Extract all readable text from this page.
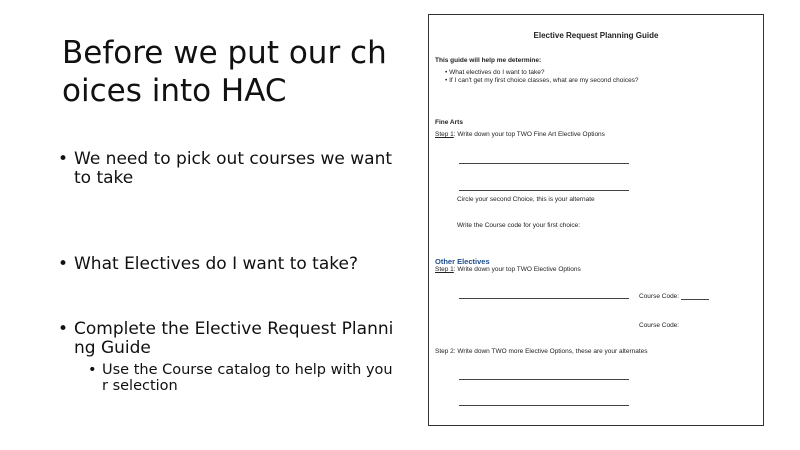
Before we put our choices into HAC
• We need to pick out courses we want to take
• What Electives do I want to take?
• Complete the Elective Request Planning Guide
• Use the Course catalog to help with your selection
Elective Request Planning Guide
This guide will help me determine:
• What electives do I want to take?
• If I can't get my first choice classes, what are my second choices?
Fine Arts
Step 1: Write down your top TWO Fine Art Elective Options
Circle your second Choice, this is your alternate
Write the Course code for your first choice:
Other Electives
Step 1: Write down your top TWO Elective Options
Course Code:
Course Code:
Step 2: Write down TWO more Elective Options, these are your alternates
